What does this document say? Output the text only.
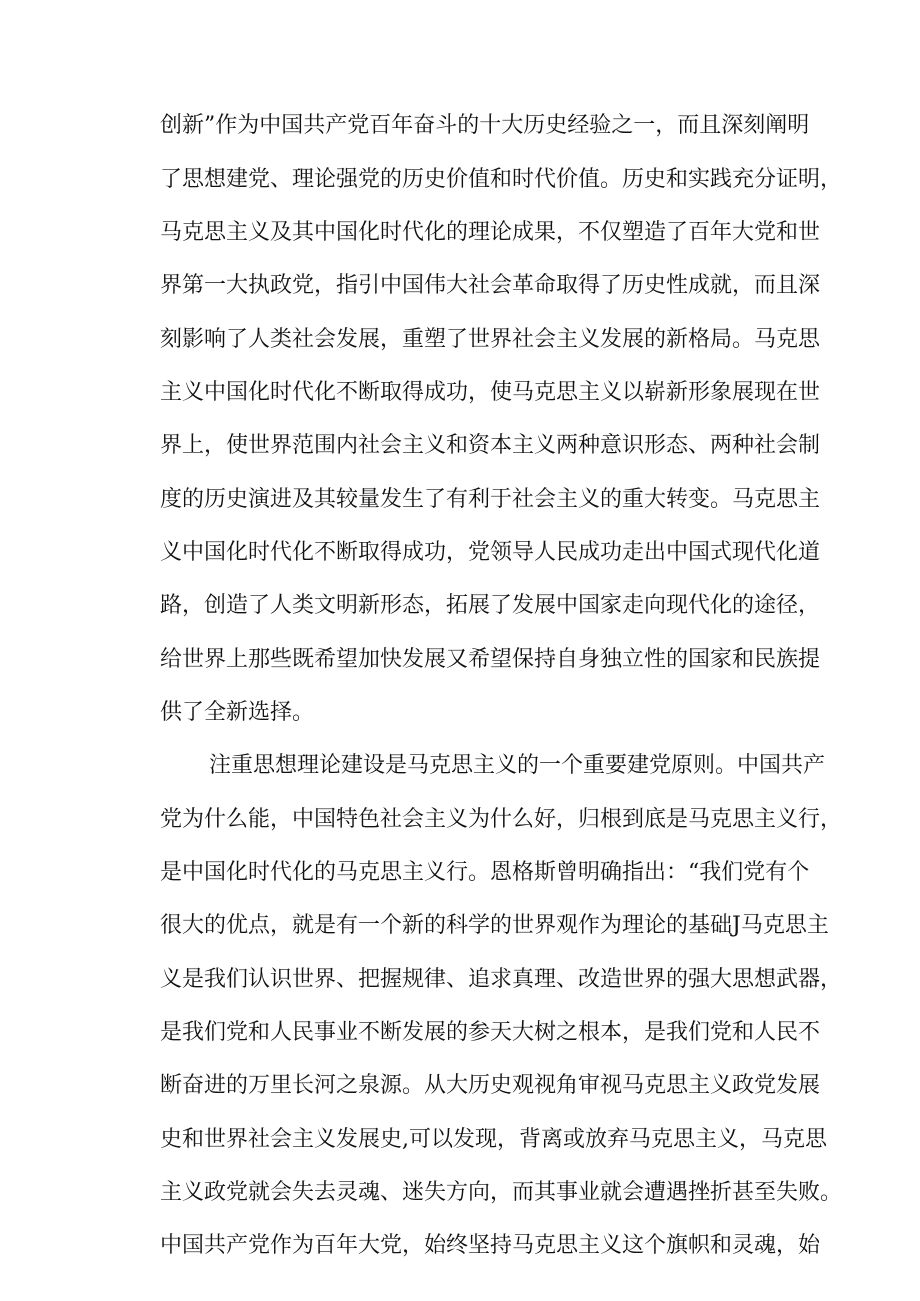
创新”作为中国共产党百年奋斗的十大历史经验之一，而且深刻阐明
了思想建党、理论强党的历史价值和时代价值。历史和实践充分证明，
马克思主义及其中国化时代化的理论成果，不仅塑造了百年大党和世
界第一大执政党，指引中国伟大社会革命取得了历史性成就，而且深
刻影响了人类社会发展，重塑了世界社会主义发展的新格局。马克思
主义中国化时代化不断取得成功，使马克思主义以崭新形象展现在世
界上，使世界范围内社会主义和资本主义两种意识形态、两种社会制
度的历史演进及其较量发生了有利于社会主义的重大转变。马克思主
义中国化时代化不断取得成功，党领导人民成功走出中国式现代化道
路，创造了人类文明新形态，拓展了发展中国家走向现代化的途径，
给世界上那些既希望加快发展又希望保持自身独立性的国家和民族提
供了全新选择。
注重思想理论建设是马克思主义的一个重要建党原则。中国共产
党为什么能，中国特色社会主义为什么好，归根到底是马克思主义行，
是中国化时代化的马克思主义行。恩格斯曾明确指出：“我们党有个
很大的优点，就是有一个新的科学的世界观作为理论的基础J马克思主
义是我们认识世界、把握规律、追求真理、改造世界的强大思想武器，
是我们党和人民事业不断发展的参天大树之根本，是我们党和人民不
断奋进的万里长河之泉源。从大历史观视角审视马克思主义政党发展
史和世界社会主义发展史,可以发现，背离或放弃马克思主义，马克思
主义政党就会失去灵魂、迷失方向，而其事业就会遭遇挫折甚至失败。
中国共产党作为百年大党，始终坚持马克思主义这个旗帜和灵魂，始
